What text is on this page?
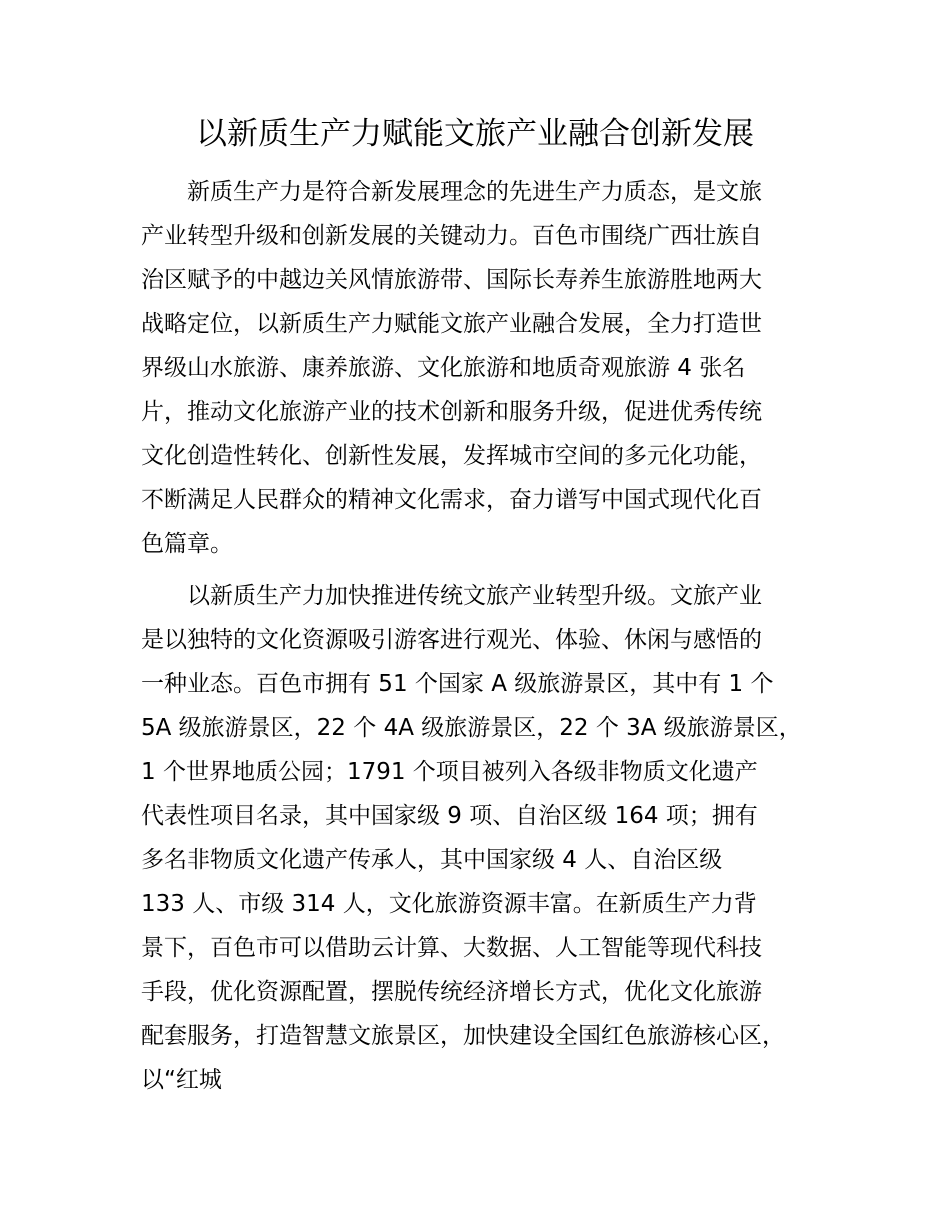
以新质生产力赋能文旅产业融合创新发展
　　新质生产力是符合新发展理念的先进生产力质态，是文旅
产业转型升级和创新发展的关键动力。百色市围绕广西壮族自
治区赋予的中越边关风情旅游带、国际长寿养生旅游胜地两大
战略定位，以新质生产力赋能文旅产业融合发展，全力打造世
界级山水旅游、康养旅游、文化旅游和地质奇观旅游 4 张名
片，推动文化旅游产业的技术创新和服务升级，促进优秀传统
文化创造性转化、创新性发展，发挥城市空间的多元化功能，
不断满足人民群众的精神文化需求，奋力谱写中国式现代化百
色篇章。
　　以新质生产力加快推进传统文旅产业转型升级。文旅产业
是以独特的文化资源吸引游客进行观光、体验、休闲与感悟的
一种业态。百色市拥有 51 个国家 A 级旅游景区，其中有 1 个
5A 级旅游景区，22 个 4A 级旅游景区，22 个 3A 级旅游景区，
1 个世界地质公园；1791 个项目被列入各级非物质文化遗产
代表性项目名录，其中国家级 9 项、自治区级 164 项；拥有
多名非物质文化遗产传承人，其中国家级 4 人、自治区级
133 人、市级 314 人，文化旅游资源丰富。在新质生产力背
景下，百色市可以借助云计算、大数据、人工智能等现代科技
手段，优化资源配置，摆脱传统经济增长方式，优化文化旅游
配套服务，打造智慧文旅景区，加快建设全国红色旅游核心区，
以“红城
